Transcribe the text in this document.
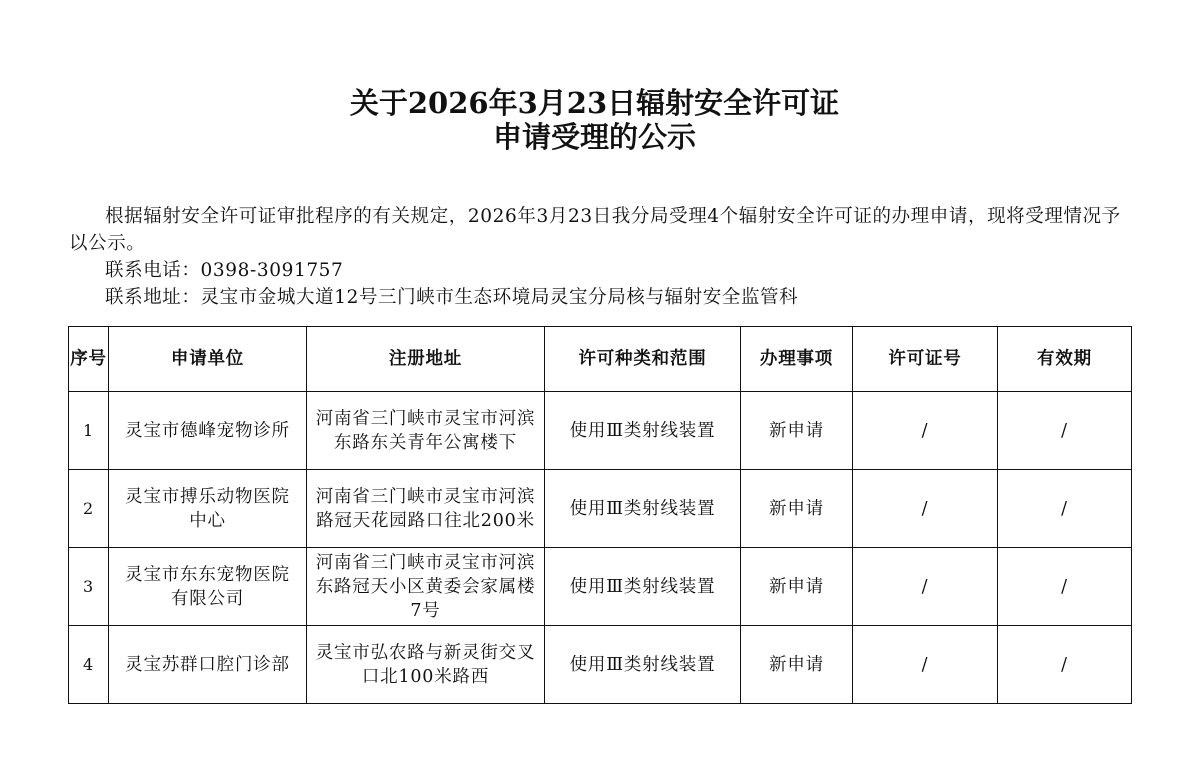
关于2026年3月23日辐射安全许可证
申请受理的公示
根据辐射安全许可证审批程序的有关规定，2026年3月23日我分局受理4个辐射安全许可证的办理申请，现将受理情况予以公示。
联系电话：0398-3091757
联系地址：灵宝市金城大道12号三门峡市生态环境局灵宝分局核与辐射安全监管科
序号	申请单位	注册地址	许可种类和范围	办理事项	许可证号	有效期
1	灵宝市德峰宠物诊所	河南省三门峡市灵宝市河滨东路东关青年公寓楼下	使用Ⅲ类射线装置	新申请	/	/
2	灵宝市搏乐动物医院中心	河南省三门峡市灵宝市河滨路冠天花园路口往北200米	使用Ⅲ类射线装置	新申请	/	/
3	灵宝市东东宠物医院有限公司	河南省三门峡市灵宝市河滨东路冠天小区黄委会家属楼7号	使用Ⅲ类射线装置	新申请	/	/
4	灵宝苏群口腔门诊部	灵宝市弘农路与新灵街交叉口北100米路西	使用Ⅲ类射线装置	新申请	/	/
